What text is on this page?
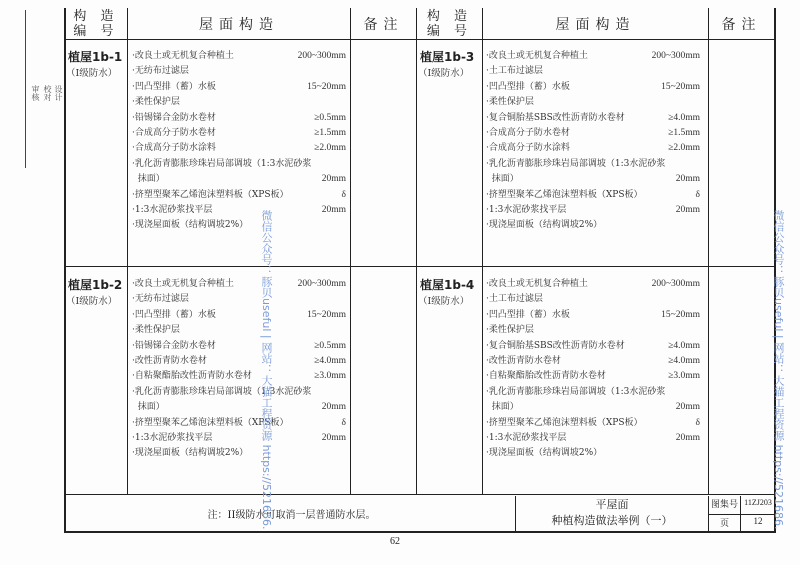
审核 校对 设计
构 造
编 号	屋面构造	备注
构 造
编 号	屋面构造	备注
植屋1b-1
（I级防水）
·改良土或无机复合种植土	200~300mm
·无纺布过滤层
·凹凸型排（蓄）水板	15~20mm
·柔性保护层
·铅锡锑合金防水卷材	≥0.5mm
·合成高分子防水卷材	≥1.5mm
·合成高分子防水涂料	≥2.0mm
·乳化沥青膨胀珍珠岩局部调坡（1:3水泥砂浆
抹面）	20mm
·挤塑型聚苯乙烯泡沫塑料板（XPS板）	δ
·1:3水泥砂浆找平层	20mm
·现浇屋面板（结构调坡2%）
植屋1b-2
（I级防水）
·改良土或无机复合种植土	200~300mm
·无纺布过滤层
·凹凸型排（蓄）水板	15~20mm
·柔性保护层
·铅锡锑合金防水卷材	≥0.5mm
·改性沥青防水卷材	≥4.0mm
·自粘聚酯胎改性沥青防水卷材	≥3.0mm
·乳化沥青膨胀珍珠岩局部调坡（1:3水泥砂浆
抹面）	20mm
·挤塑型聚苯乙烯泡沫塑料板（XPS板）	δ
·1:3水泥砂浆找平层	20mm
·现浇屋面板（结构调坡2%）
植屋1b-3
（I级防水）
·改良土或无机复合种植土	200~300mm
·土工布过滤层
·凹凸型排（蓄）水板	15~20mm
·柔性保护层
·复合铜胎基SBS改性沥青防水卷材	≥4.0mm
·合成高分子防水卷材	≥1.5mm
·合成高分子防水涂料	≥2.0mm
·乳化沥青膨胀珍珠岩局部调坡（1:3水泥砂浆
抹面）	20mm
·挤塑型聚苯乙烯泡沫塑料板（XPS板）	δ
·1:3水泥砂浆找平层	20mm
·现浇屋面板（结构调坡2%）
植屋1b-4
（I级防水）
·改良土或无机复合种植土	200~300mm
·土工布过滤层
·凹凸型排（蓄）水板	15~20mm
·柔性保护层
·复合铜胎基SBS改性沥青防水卷材	≥4.0mm
·改性沥青防水卷材	≥4.0mm
·自粘聚酯胎改性沥青防水卷材	≥3.0mm
·乳化沥青膨胀珍珠岩局部调坡（1:3水泥砂浆
抹面）	20mm
·挤塑型聚苯乙烯泡沫塑料板（XPS板）	δ
·1:3水泥砂浆找平层	20mm
·现浇屋面板（结构调坡2%）
注：II级防水可取消一层普通防水层。
平屋面
种植构造做法举例（一）
图集号 11ZJ203
页	12
62
微信公众号：豚贝useful | 网站：大猫工程资源 https://521686.	微信公众号：豚贝useful | 网站：大猫工程资源 https://521686.
